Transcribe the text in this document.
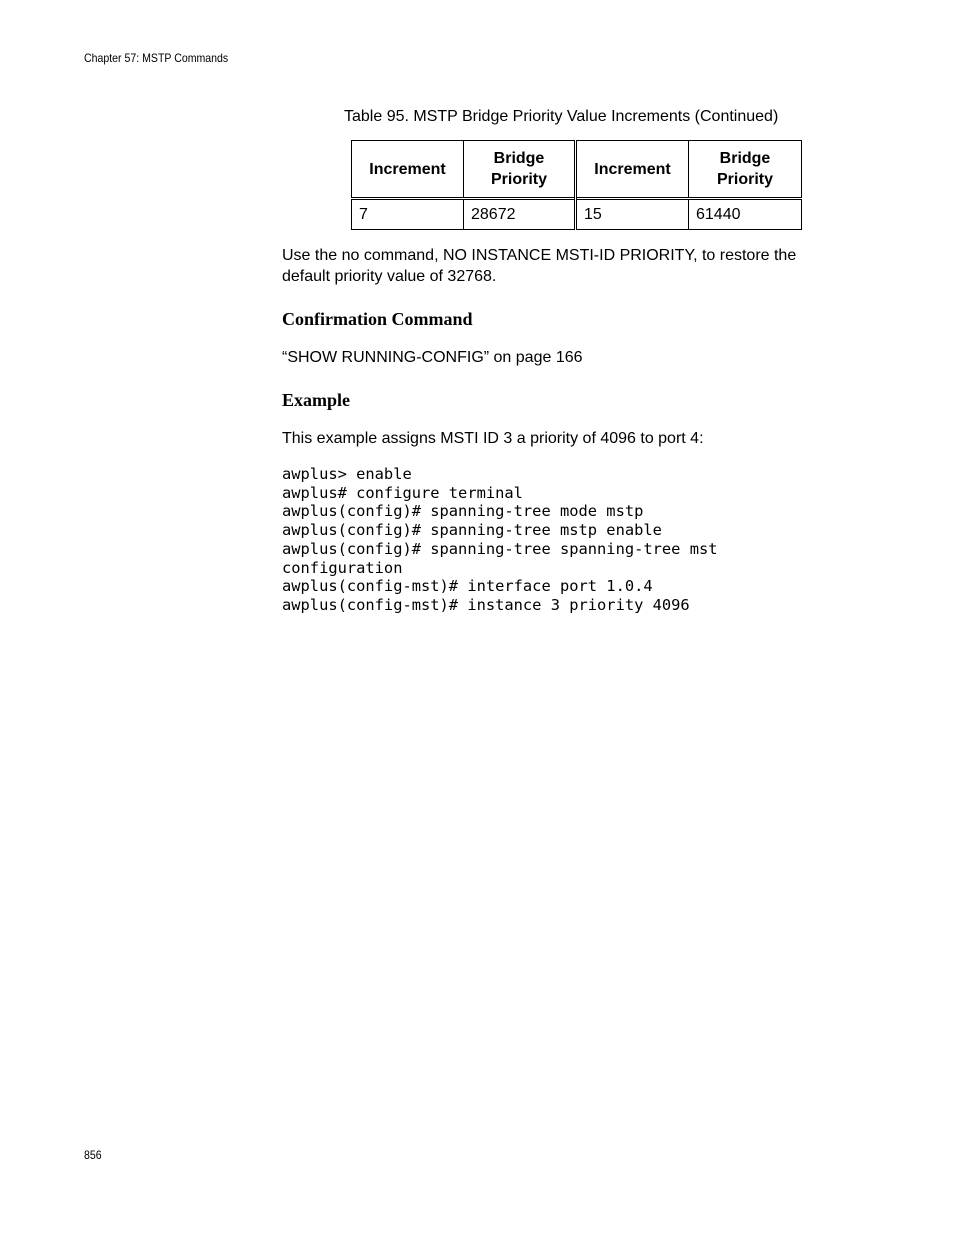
Chapter 57: MSTP Commands
Table 95. MSTP Bridge Priority Value Increments (Continued)
Increment	Bridge Priority	Increment	Bridge Priority
7	28672	15	61440
Use the no command, NO INSTANCE MSTI-ID PRIORITY, to restore the default priority value of 32768.
Confirmation Command
“SHOW RUNNING-CONFIG” on page 166
Example
This example assigns MSTI ID 3 a priority of 4096 to port 4:
awplus> enable
awplus# configure terminal
awplus(config)# spanning-tree mode mstp
awplus(config)# spanning-tree mstp enable
awplus(config)# spanning-tree spanning-tree mst
configuration
awplus(config-mst)# interface port 1.0.4
awplus(config-mst)# instance 3 priority 4096
856
